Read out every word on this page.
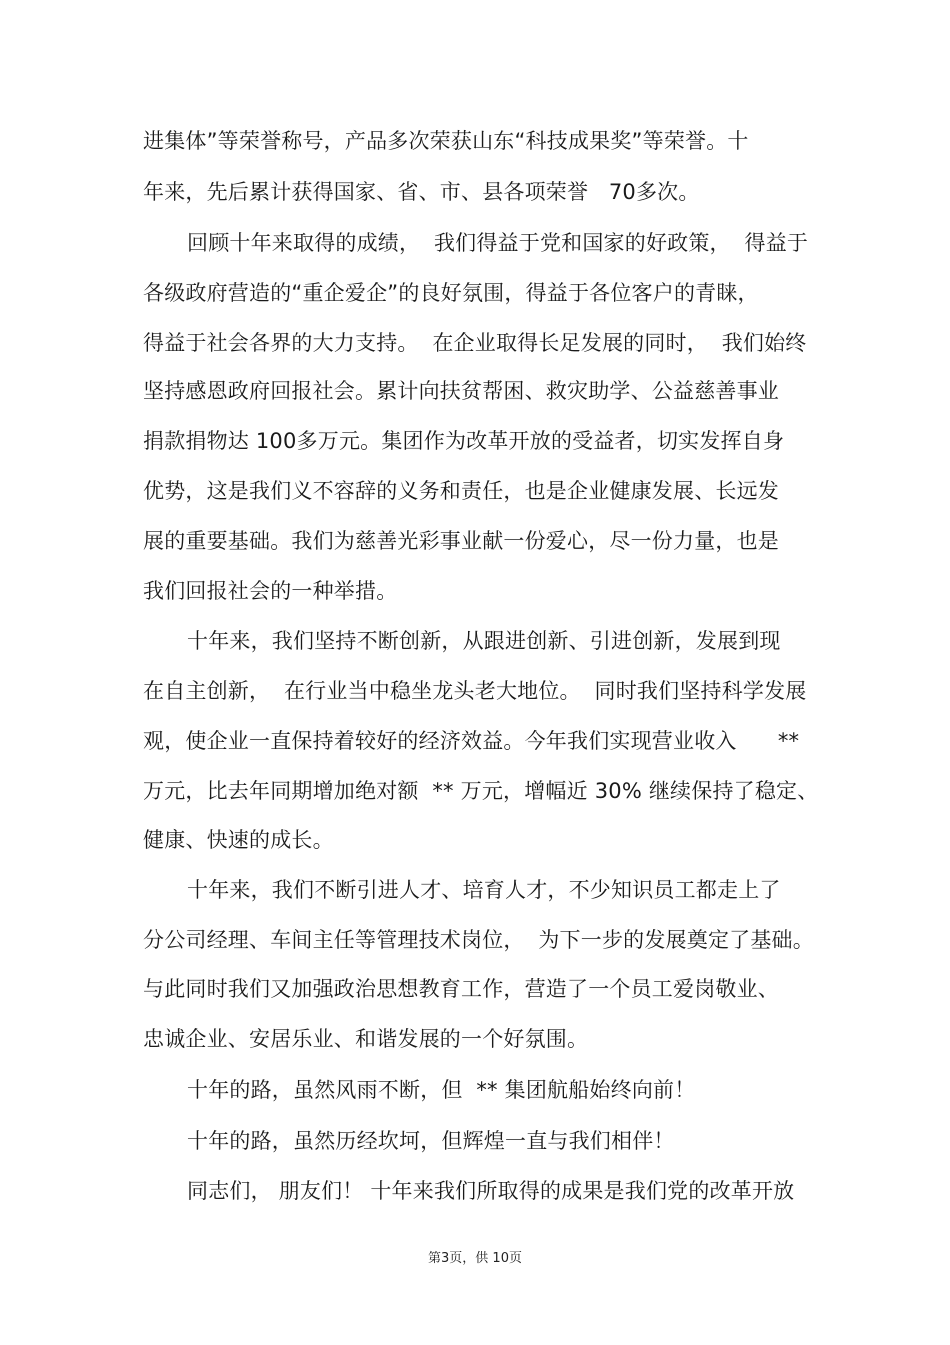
进集体”等荣誉称号，产品多次荣获山东“科技成果奖”等荣誉。十
年来，先后累计获得国家、省、市、县各项荣誉   70多次。
回顾十年来取得的成绩，  我们得益于党和国家的好政策，  得益于
各级政府营造的“重企爱企”的良好氛围，得益于各位客户的青睐，
得益于社会各界的大力支持。  在企业取得长足发展的同时，  我们始终
坚持感恩政府回报社会。累计向扶贫帮困、救灾助学、公益慈善事业
捐款捐物达 100多万元。集团作为改革开放的受益者，切实发挥自身
优势，这是我们义不容辞的义务和责任，也是企业健康发展、长远发
展的重要基础。我们为慈善光彩事业献一份爱心，尽一份力量，也是
我们回报社会的一种举措。
十年来，我们坚持不断创新，从跟进创新、引进创新，发展到现
在自主创新，  在行业当中稳坐龙头老大地位。  同时我们坚持科学发展
观，使企业一直保持着较好的经济效益。今年我们实现营业收入      **
万元，比去年同期增加绝对额  ** 万元，增幅近 30% 继续保持了稳定、
健康、快速的成长。
十年来，我们不断引进人才、培育人才，不少知识员工都走上了
分公司经理、车间主任等管理技术岗位，  为下一步的发展奠定了基础。
与此同时我们又加强政治思想教育工作，营造了一个员工爱岗敬业、
忠诚企业、安居乐业、和谐发展的一个好氛围。
十年的路，虽然风雨不断，但  ** 集团航船始终向前！
十年的路，虽然历经坎坷，但辉煌一直与我们相伴！
同志们， 朋友们！ 十年来我们所取得的成果是我们党的改革开放
第3页，供 10页
